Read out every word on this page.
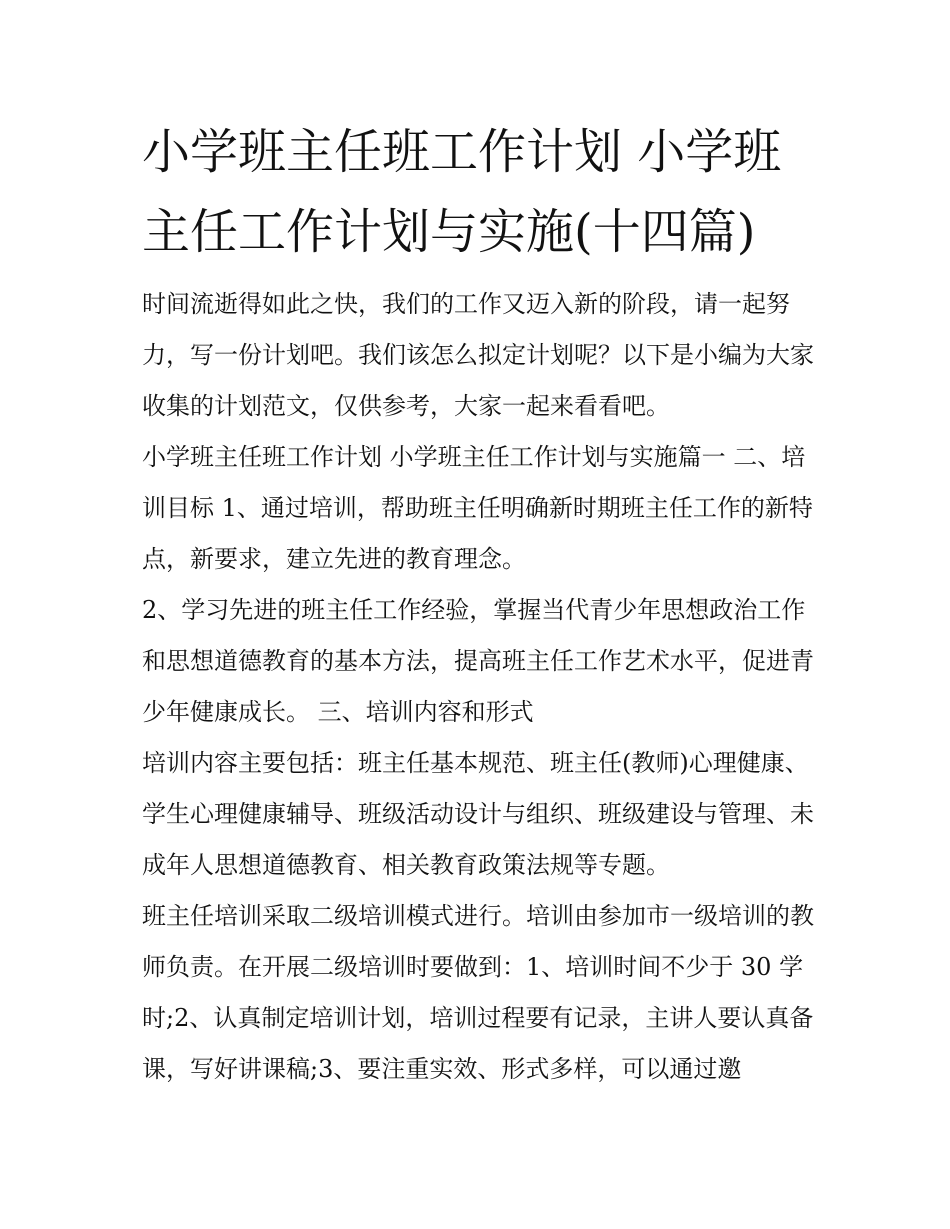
小学班主任班工作计划 小学班主任工作计划与实施(十四篇)

时间流逝得如此之快，我们的工作又迈入新的阶段，请一起努力，写一份计划吧。我们该怎么拟定计划呢？以下是小编为大家收集的计划范文，仅供参考，大家一起来看看吧。

小学班主任班工作计划 小学班主任工作计划与实施篇一 二、培训目标 1、通过培训，帮助班主任明确新时期班主任工作的新特点，新要求，建立先进的教育理念。

2、学习先进的班主任工作经验，掌握当代青少年思想政治工作和思想道德教育的基本方法，提高班主任工作艺术水平，促进青少年健康成长。 三、培训内容和形式

培训内容主要包括：班主任基本规范、班主任(教师)心理健康、学生心理健康辅导、班级活动设计与组织、班级建设与管理、未成年人思想道德教育、相关教育政策法规等专题。

班主任培训采取二级培训模式进行。培训由参加市一级培训的教师负责。在开展二级培训时要做到：1、培训时间不少于 30 学时;2、认真制定培训计划，培训过程要有记录，主讲人要认真备课，写好讲课稿;3、要注重实效、形式多样，可以通过邀
